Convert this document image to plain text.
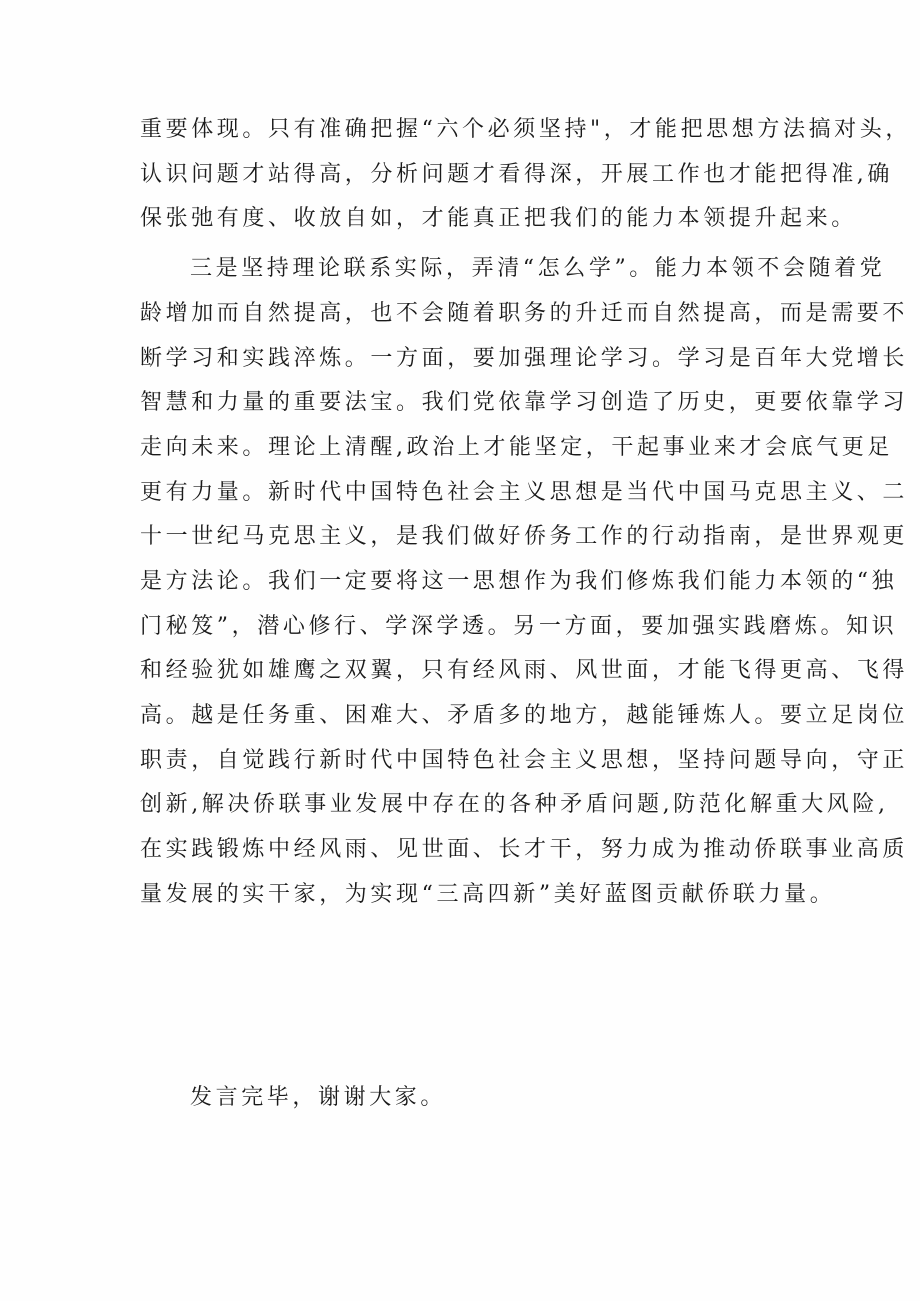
重要体现。只有准确把握“六个必须坚持"，才能把思想方法搞对头，
认识问题才站得高，分析问题才看得深，开展工作也才能把得准,确
保张弛有度、收放自如，才能真正把我们的能力本领提升起来。
三是坚持理论联系实际，弄清“怎么学”。能力本领不会随着党
龄增加而自然提高，也不会随着职务的升迁而自然提高，而是需要不
断学习和实践淬炼。一方面，要加强理论学习。学习是百年大党增长
智慧和力量的重要法宝。我们党依靠学习创造了历史，更要依靠学习
走向未来。理论上清醒,政治上才能坚定，干起事业来才会底气更足
更有力量。新时代中国特色社会主义思想是当代中国马克思主义、二
十一世纪马克思主义，是我们做好侨务工作的行动指南，是世界观更
是方法论。我们一定要将这一思想作为我们修炼我们能力本领的“独
门秘笈”，潜心修行、学深学透。另一方面，要加强实践磨炼。知识
和经验犹如雄鹰之双翼，只有经风雨、风世面，才能飞得更高、飞得
高。越是任务重、困难大、矛盾多的地方，越能锤炼人。要立足岗位
职责，自觉践行新时代中国特色社会主义思想，坚持问题导向，守正
创新,解决侨联事业发展中存在的各种矛盾问题,防范化解重大风险,
在实践锻炼中经风雨、见世面、长才干，努力成为推动侨联事业高质
量发展的实干家，为实现“三高四新”美好蓝图贡献侨联力量。
发言完毕，谢谢大家。
